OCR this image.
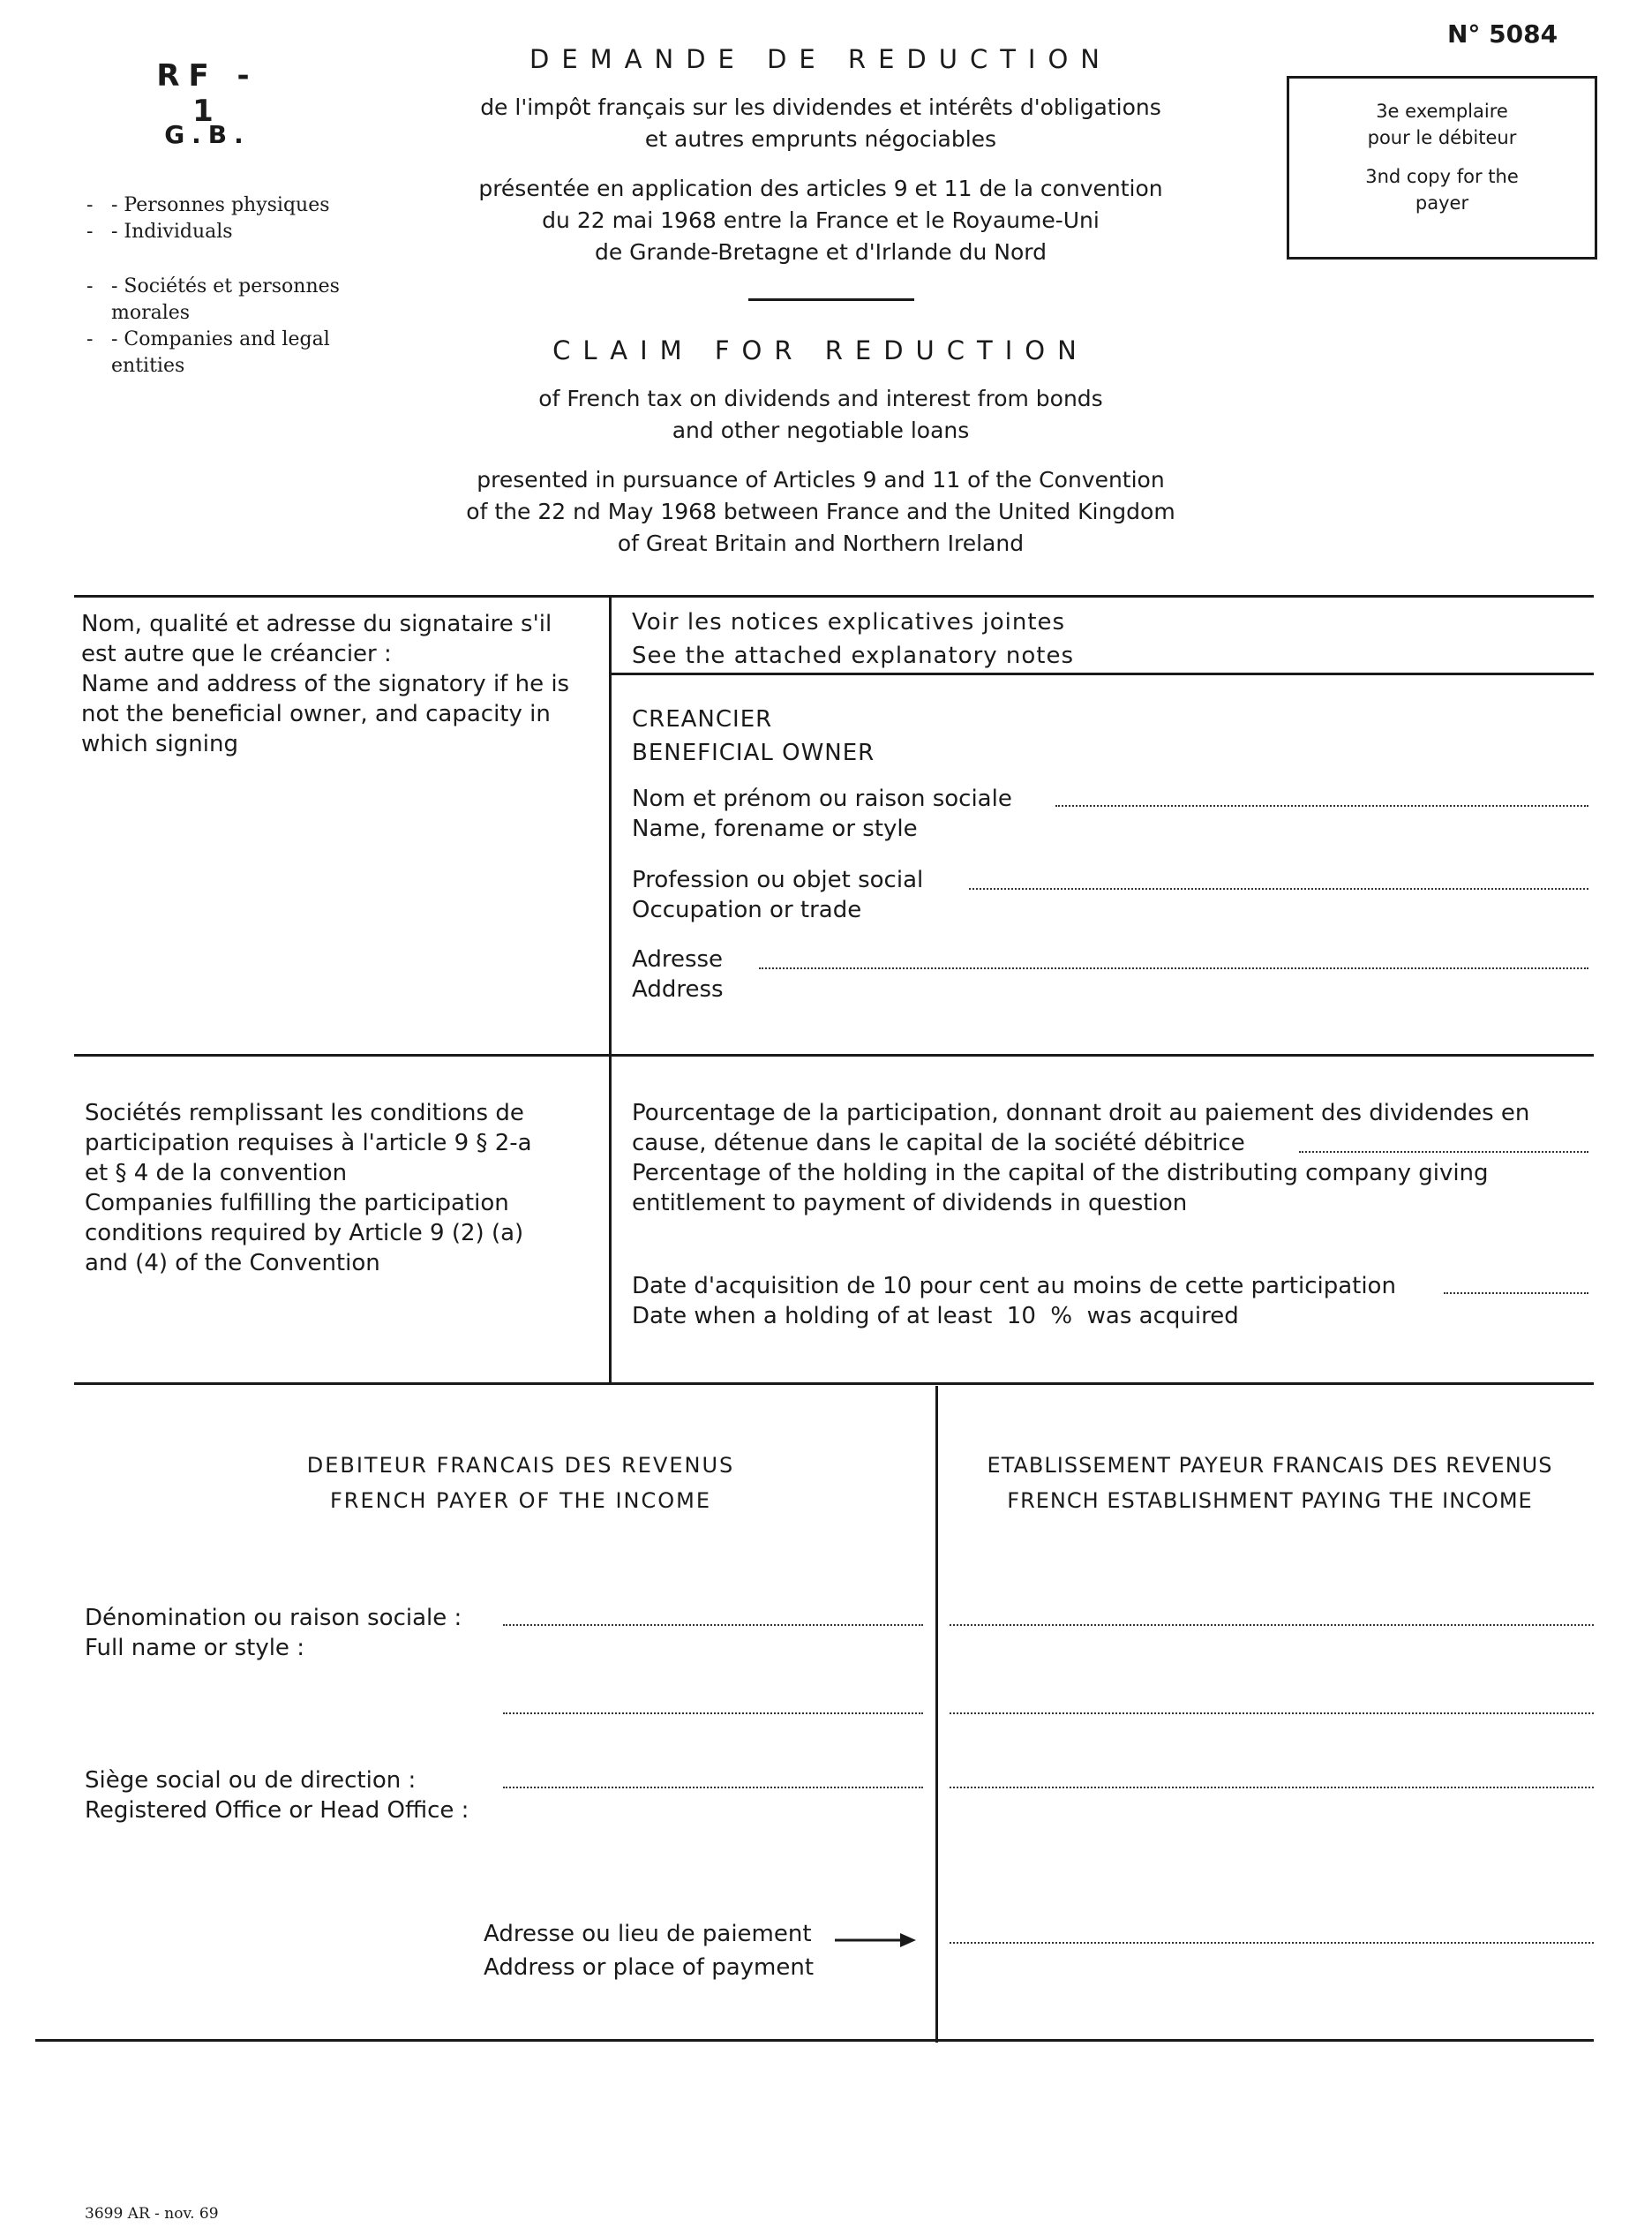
N° 5084
RF - 1
G.B.
- - Personnes physiques
- - Individuals
- - Sociétés et personnes morales
- - Companies and legal entities
DEMANDE DE REDUCTION
de l'impôt français sur les dividendes et intérêts d'obligations
et autres emprunts négociables
présentée en application des articles 9 et 11 de la convention
du 22 mai 1968 entre la France et le Royaume-Uni
de Grande-Bretagne et d'Irlande du Nord
CLAIM FOR REDUCTION
of French tax on dividends and interest from bonds
and other negotiable loans
presented in pursuance of Articles 9 and 11 of the Convention
of the 22 nd May 1968 between France and the United Kingdom
of Great Britain and Northern Ireland
3e exemplaire
pour le débiteur
3nd copy for the
payer
Nom, qualité et adresse du signataire s'il
est autre que le créancier :
Name and address of the signatory if he is
not the beneficial owner, and capacity in
which signing
Voir les notices explicatives jointes
See the attached explanatory notes
CREANCIER
BENEFICIAL OWNER
Nom et prénom ou raison sociale
Name, forename or style
Profession ou objet social
Occupation or trade
Adresse
Address
Sociétés remplissant les conditions de
participation requises à l'article 9 § 2-a
et § 4 de la convention
Companies fulfilling the participation
conditions required by Article 9 (2) (a)
and (4) of the Convention
Pourcentage de la participation, donnant droit au paiement des dividendes en
cause, détenue dans le capital de la société débitrice
Percentage of the holding in the capital of the distributing company giving
entitlement to payment of dividends in question
Date d'acquisition de 10 pour cent au moins de cette participation
Date when a holding of at least  10  %  was acquired
DEBITEUR FRANCAIS DES REVENUS
FRENCH PAYER OF THE INCOME
ETABLISSEMENT PAYEUR FRANCAIS DES REVENUS
FRENCH ESTABLISHMENT PAYING THE INCOME
Dénomination ou raison sociale :
Full name or style :
Siège social ou de direction :
Registered Office or Head Office :
Adresse ou lieu de paiement
Address or place of payment
3699 AR - nov. 69
